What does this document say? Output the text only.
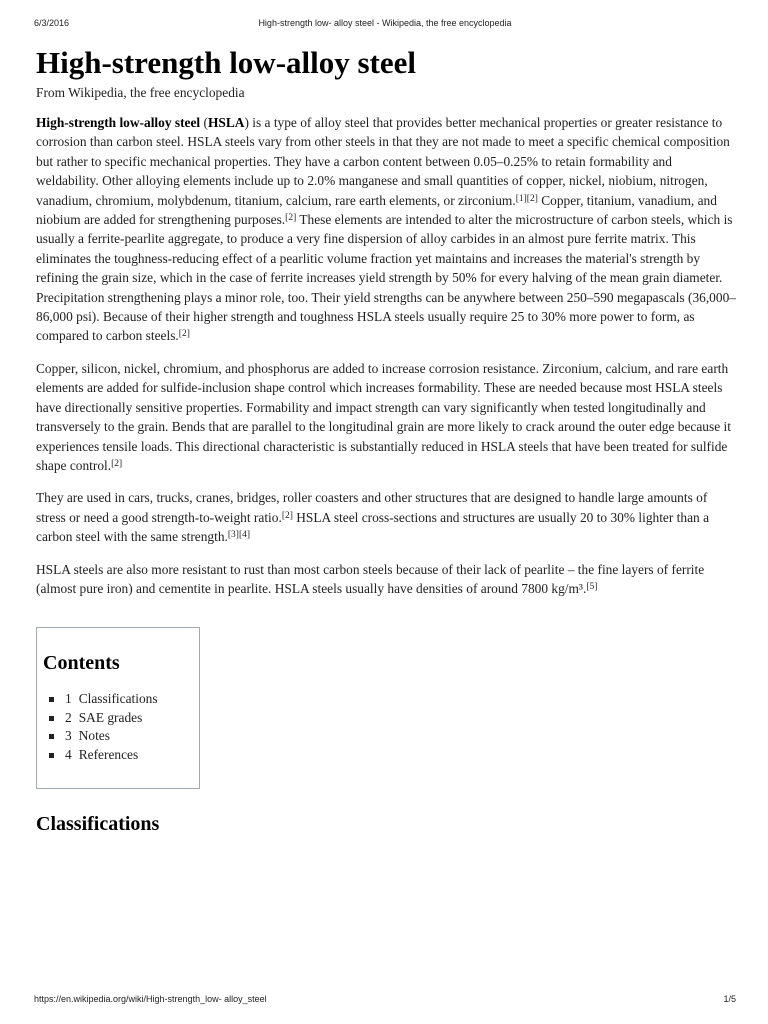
6/3/2016	High-strength low- alloy steel - Wikipedia, the free encyclopedia
High-strength low-alloy steel
From Wikipedia, the free encyclopedia

High-strength low-alloy steel (HSLA) is a type of alloy steel that provides better mechanical properties or greater resistance to corrosion than carbon steel. HSLA steels vary from other steels in that they are not made to meet a specific chemical composition but rather to specific mechanical properties. They have a carbon content between 0.05–0.25% to retain formability and weldability. Other alloying elements include up to 2.0% manganese and small quantities of copper, nickel, niobium, nitrogen, vanadium, chromium, molybdenum, titanium, calcium, rare earth elements, or zirconium.[1][2] Copper, titanium, vanadium, and niobium are added for strengthening purposes.[2] These elements are intended to alter the microstructure of carbon steels, which is usually a ferrite-pearlite aggregate, to produce a very fine dispersion of alloy carbides in an almost pure ferrite matrix. This eliminates the toughness-reducing effect of a pearlitic volume fraction yet maintains and increases the material's strength by refining the grain size, which in the case of ferrite increases yield strength by 50% for every halving of the mean grain diameter. Precipitation strengthening plays a minor role, too. Their yield strengths can be anywhere between 250–590 megapascals (36,000–86,000 psi). Because of their higher strength and toughness HSLA steels usually require 25 to 30% more power to form, as compared to carbon steels.[2]

Copper, silicon, nickel, chromium, and phosphorus are added to increase corrosion resistance. Zirconium, calcium, and rare earth elements are added for sulfide-inclusion shape control which increases formability. These are needed because most HSLA steels have directionally sensitive properties. Formability and impact strength can vary significantly when tested longitudinally and transversely to the grain. Bends that are parallel to the longitudinal grain are more likely to crack around the outer edge because it experiences tensile loads. This directional characteristic is substantially reduced in HSLA steels that have been treated for sulfide shape control.[2]

They are used in cars, trucks, cranes, bridges, roller coasters and other structures that are designed to handle large amounts of stress or need a good strength-to-weight ratio.[2] HSLA steel cross-sections and structures are usually 20 to 30% lighter than a carbon steel with the same strength.[3][4]

HSLA steels are also more resistant to rust than most carbon steels because of their lack of pearlite – the fine layers of ferrite (almost pure iron) and cementite in pearlite. HSLA steels usually have densities of around 7800 kg/m³.[5]

Contents
1 Classifications
2 SAE grades
3 Notes
4 References
Classifications
https://en.wikipedia.org/wiki/High-strength_low- alloy_steel	1/5
